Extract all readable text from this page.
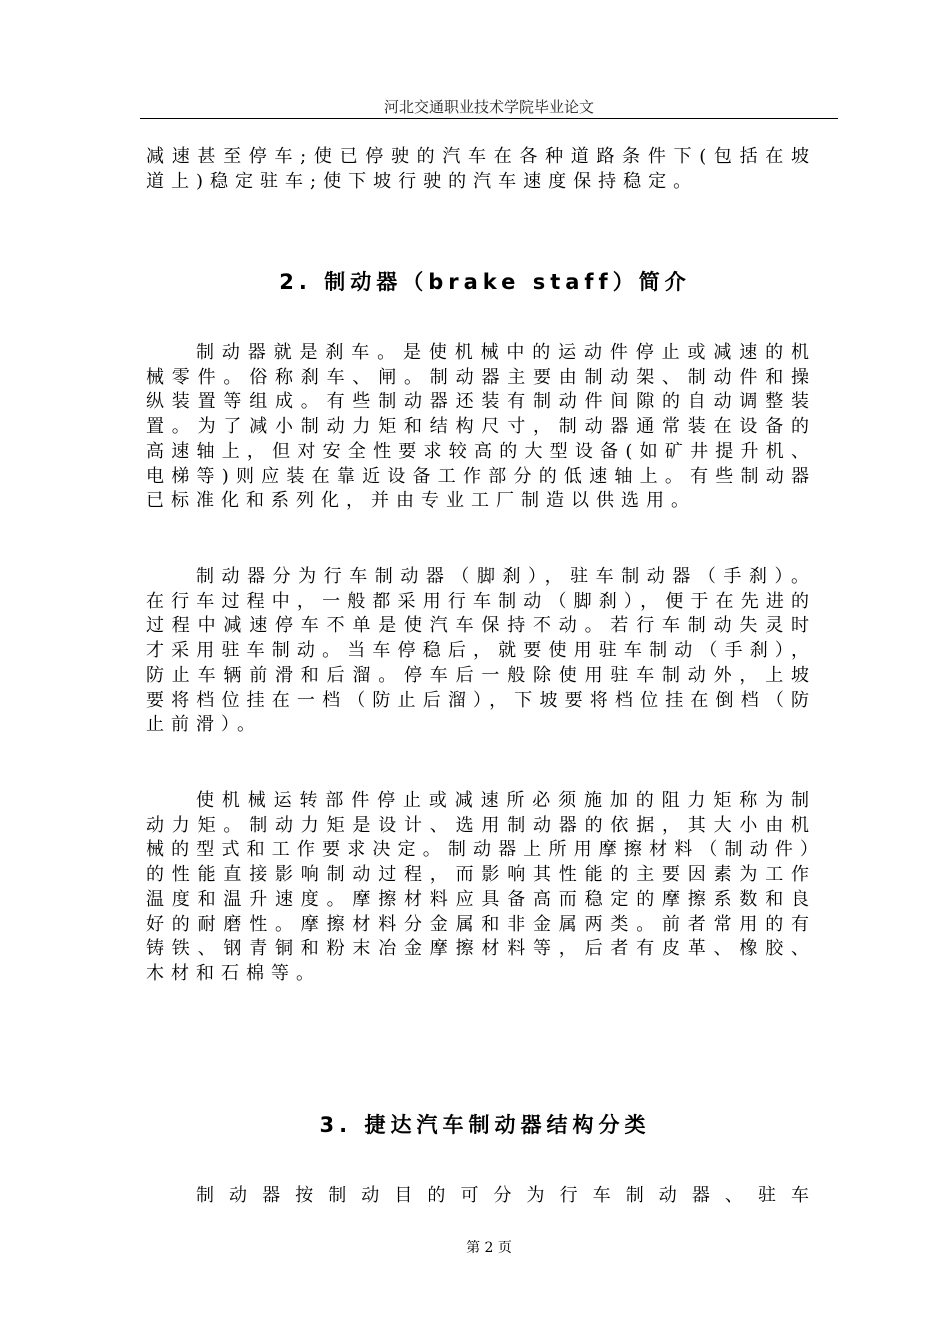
河北交通职业技术学院毕业论文

减速甚至停车;使已停驶的汽车在各种道路条件下(包括在坡道上)稳定驻车;使下坡行驶的汽车速度保持稳定。

2. 制动器（brake staff）简介

制动器就是刹车。是使机械中的运动件停止或减速的机械零件。俗称刹车、闸。制动器主要由制动架、制动件和操纵装置等组成。有些制动器还装有制动件间隙的自动调整装置。为了减小制动力矩和结构尺寸，制动器通常装在设备的高速轴上，但对安全性要求较高的大型设备(如矿井提升机、电梯等)则应装在靠近设备工作部分的低速轴上。有些制动器已标准化和系列化，并由专业工厂制造以供选用。

制动器分为行车制动器（脚刹），驻车制动器（手刹）。在行车过程中，一般都采用行车制动（脚刹），便于在先进的过程中减速停车不单是使汽车保持不动。若行车制动失灵时才采用驻车制动。当车停稳后，就要使用驻车制动（手刹），防止车辆前滑和后溜。停车后一般除使用驻车制动外，上坡要将档位挂在一档（防止后溜），下坡要将档位挂在倒档（防止前滑）。

使机械运转部件停止或减速所必须施加的阻力矩称为制动力矩。制动力矩是设计、选用制动器的依据，其大小由机械的型式和工作要求决定。制动器上所用摩擦材料（制动件）的性能直接影响制动过程，而影响其性能的主要因素为工作温度和温升速度。摩擦材料应具备高而稳定的摩擦系数和良好的耐磨性。摩擦材料分金属和非金属两类。前者常用的有铸铁、钢青铜和粉末冶金摩擦材料等，后者有皮革、橡胶、木材和石棉等。

3. 捷达汽车制动器结构分类

制动器按制动目的可分为行车制动器、驻车

第 2 页
